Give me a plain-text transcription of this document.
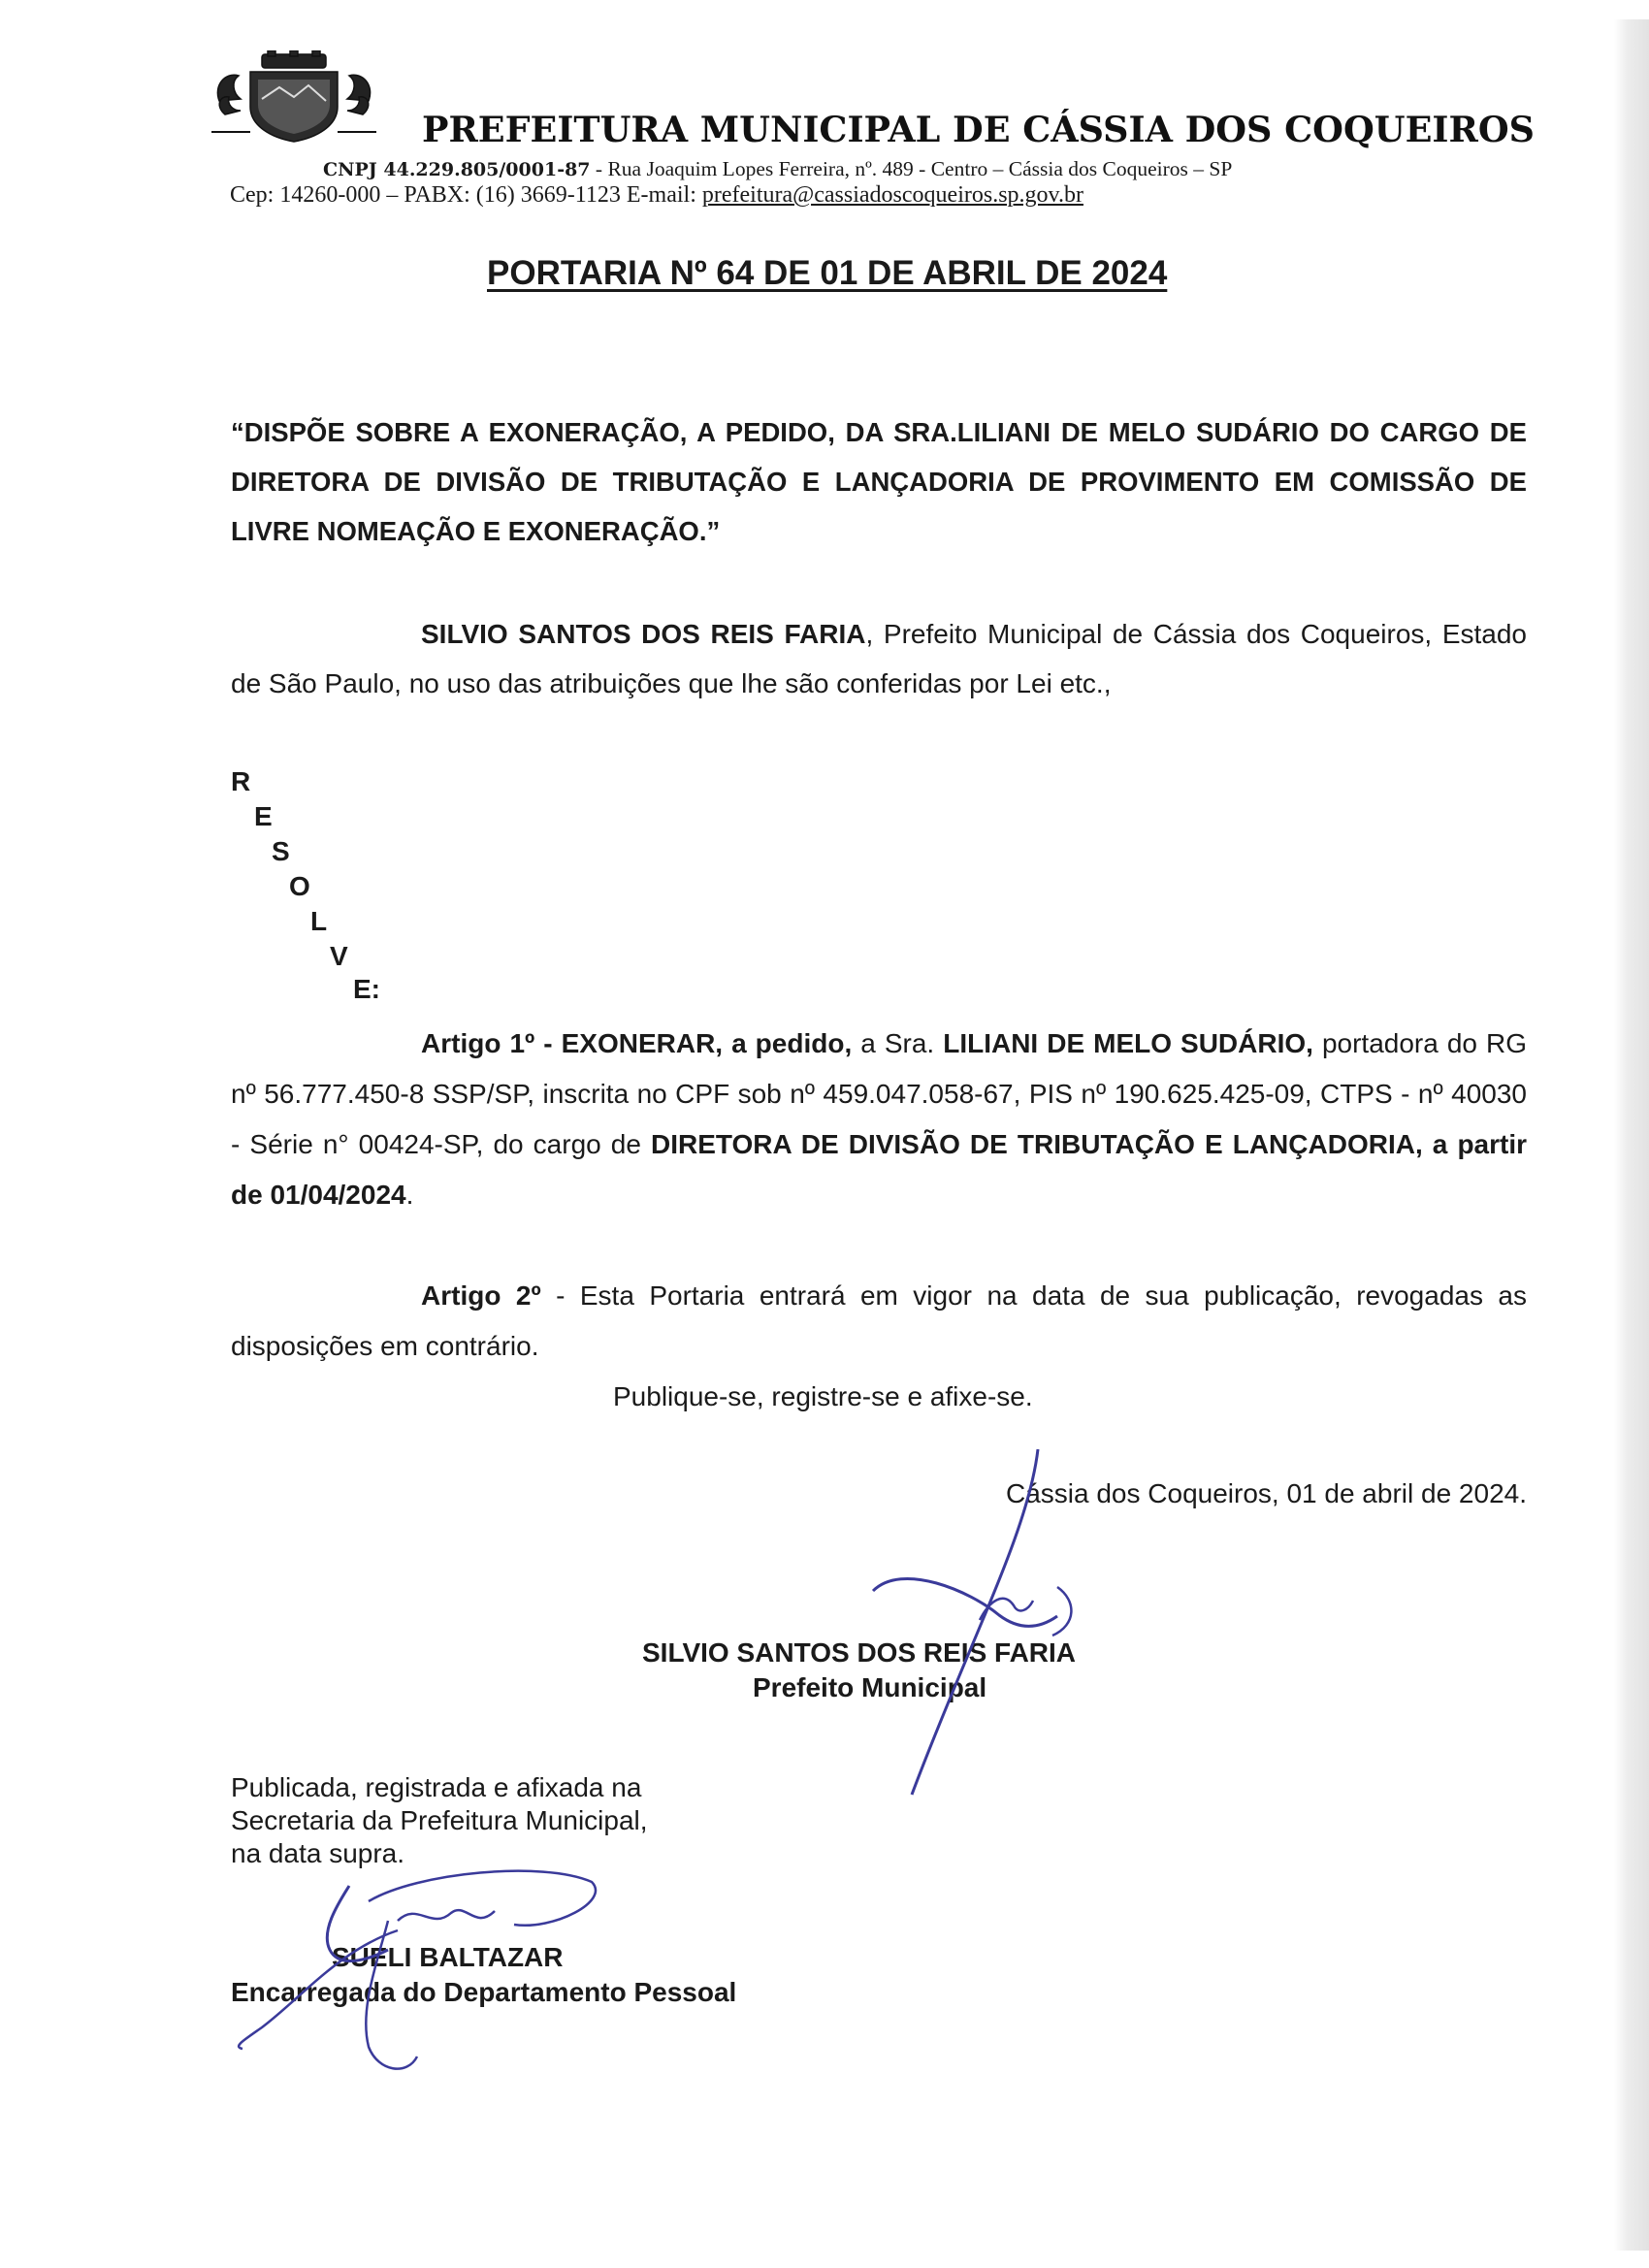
PREFEITURA MUNICIPAL DE CÁSSIA DOS COQUEIROS
CNPJ 44.229.805/0001-87 - Rua Joaquim Lopes Ferreira, nº. 489 - Centro – Cássia dos Coqueiros – SP
Cep: 14260-000 – PABX: (16) 3669-1123 E-mail: prefeitura@cassiadoscoqueiros.sp.gov.br
PORTARIA Nº 64 DE 01 DE ABRIL DE 2024
“DISPÕE SOBRE A EXONERAÇÃO, A PEDIDO, DA SRA.LILIANI DE MELO SUDÁRIO DO CARGO DE DIRETORA DE DIVISÃO DE TRIBUTAÇÃO E LANÇADORIA DE PROVIMENTO EM COMISSÃO DE LIVRE NOMEAÇÃO E EXONERAÇÃO.”
SILVIO SANTOS DOS REIS FARIA, Prefeito Municipal de Cássia dos Coqueiros, Estado de São Paulo, no uso das atribuições que lhe são conferidas por Lei etc.,
R
E
S
O
L
V
E:
Artigo 1º - EXONERAR, a pedido, a Sra. LILIANI DE MELO SUDÁRIO, portadora do RG nº 56.777.450-8 SSP/SP, inscrita no CPF sob nº 459.047.058-67, PIS nº 190.625.425-09, CTPS - nº 40030 - Série n° 00424-SP, do cargo de DIRETORA DE DIVISÃO DE TRIBUTAÇÃO E LANÇADORIA, a partir de 01/04/2024.
Artigo 2º - Esta Portaria entrará em vigor na data de sua publicação, revogadas as disposições em contrário.
Publique-se, registre-se e afixe-se.
Cássia dos Coqueiros, 01 de abril de 2024.
SILVIO SANTOS DOS REIS FARIA
Prefeito Municipal
Publicada, registrada e afixada na
Secretaria da Prefeitura Municipal,
na data supra.
SUELI BALTAZAR
Encarregada do Departamento Pessoal
